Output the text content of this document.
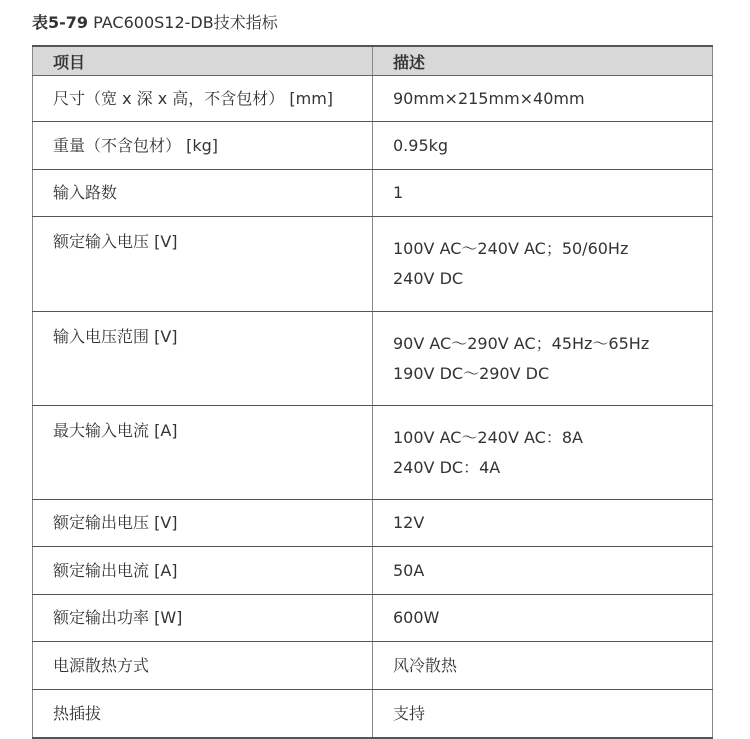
表5-79 PAC600S12-DB技术指标
项目	描述
尺寸（宽 x 深 x 高，不含包材） [mm]	90mm×215mm×40mm

重量（不含包材） [kg]	0.95kg

输入路数	1

额定输入电压 [V]	100V AC～240V AC；50/60Hz
240V DC

输入电压范围 [V]	90V AC～290V AC；45Hz～65Hz
190V DC～290V DC

最大输入电流 [A]	100V AC～240V AC：8A
240V DC：4A

额定输出电压 [V]	12V

额定输出电流 [A]	50A

额定输出功率 [W]	600W

电源散热方式	风冷散热

热插拔	支持
